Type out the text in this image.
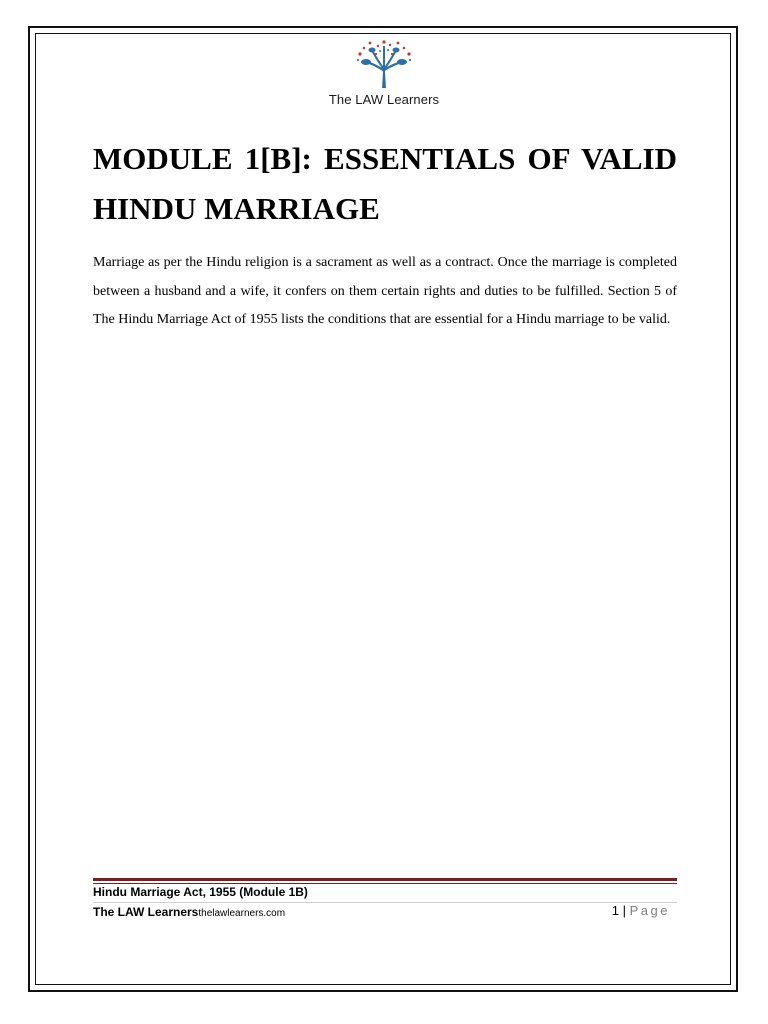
The LAW Learners
MODULE 1[B]: ESSENTIALS OF VALID
HINDU MARRIAGE

Marriage as per the Hindu religion is a sacrament as well as a contract. Once the marriage is completed between a husband and a wife, it confers on them certain rights and duties to be fulfilled. Section 5 of The Hindu Marriage Act of 1955 lists the conditions that are essential for a Hindu marriage to be valid.

Hindu Marriage Act, 1955 (Module 1B)
The LAW Learnersthelawlearners.com	1 | Page
